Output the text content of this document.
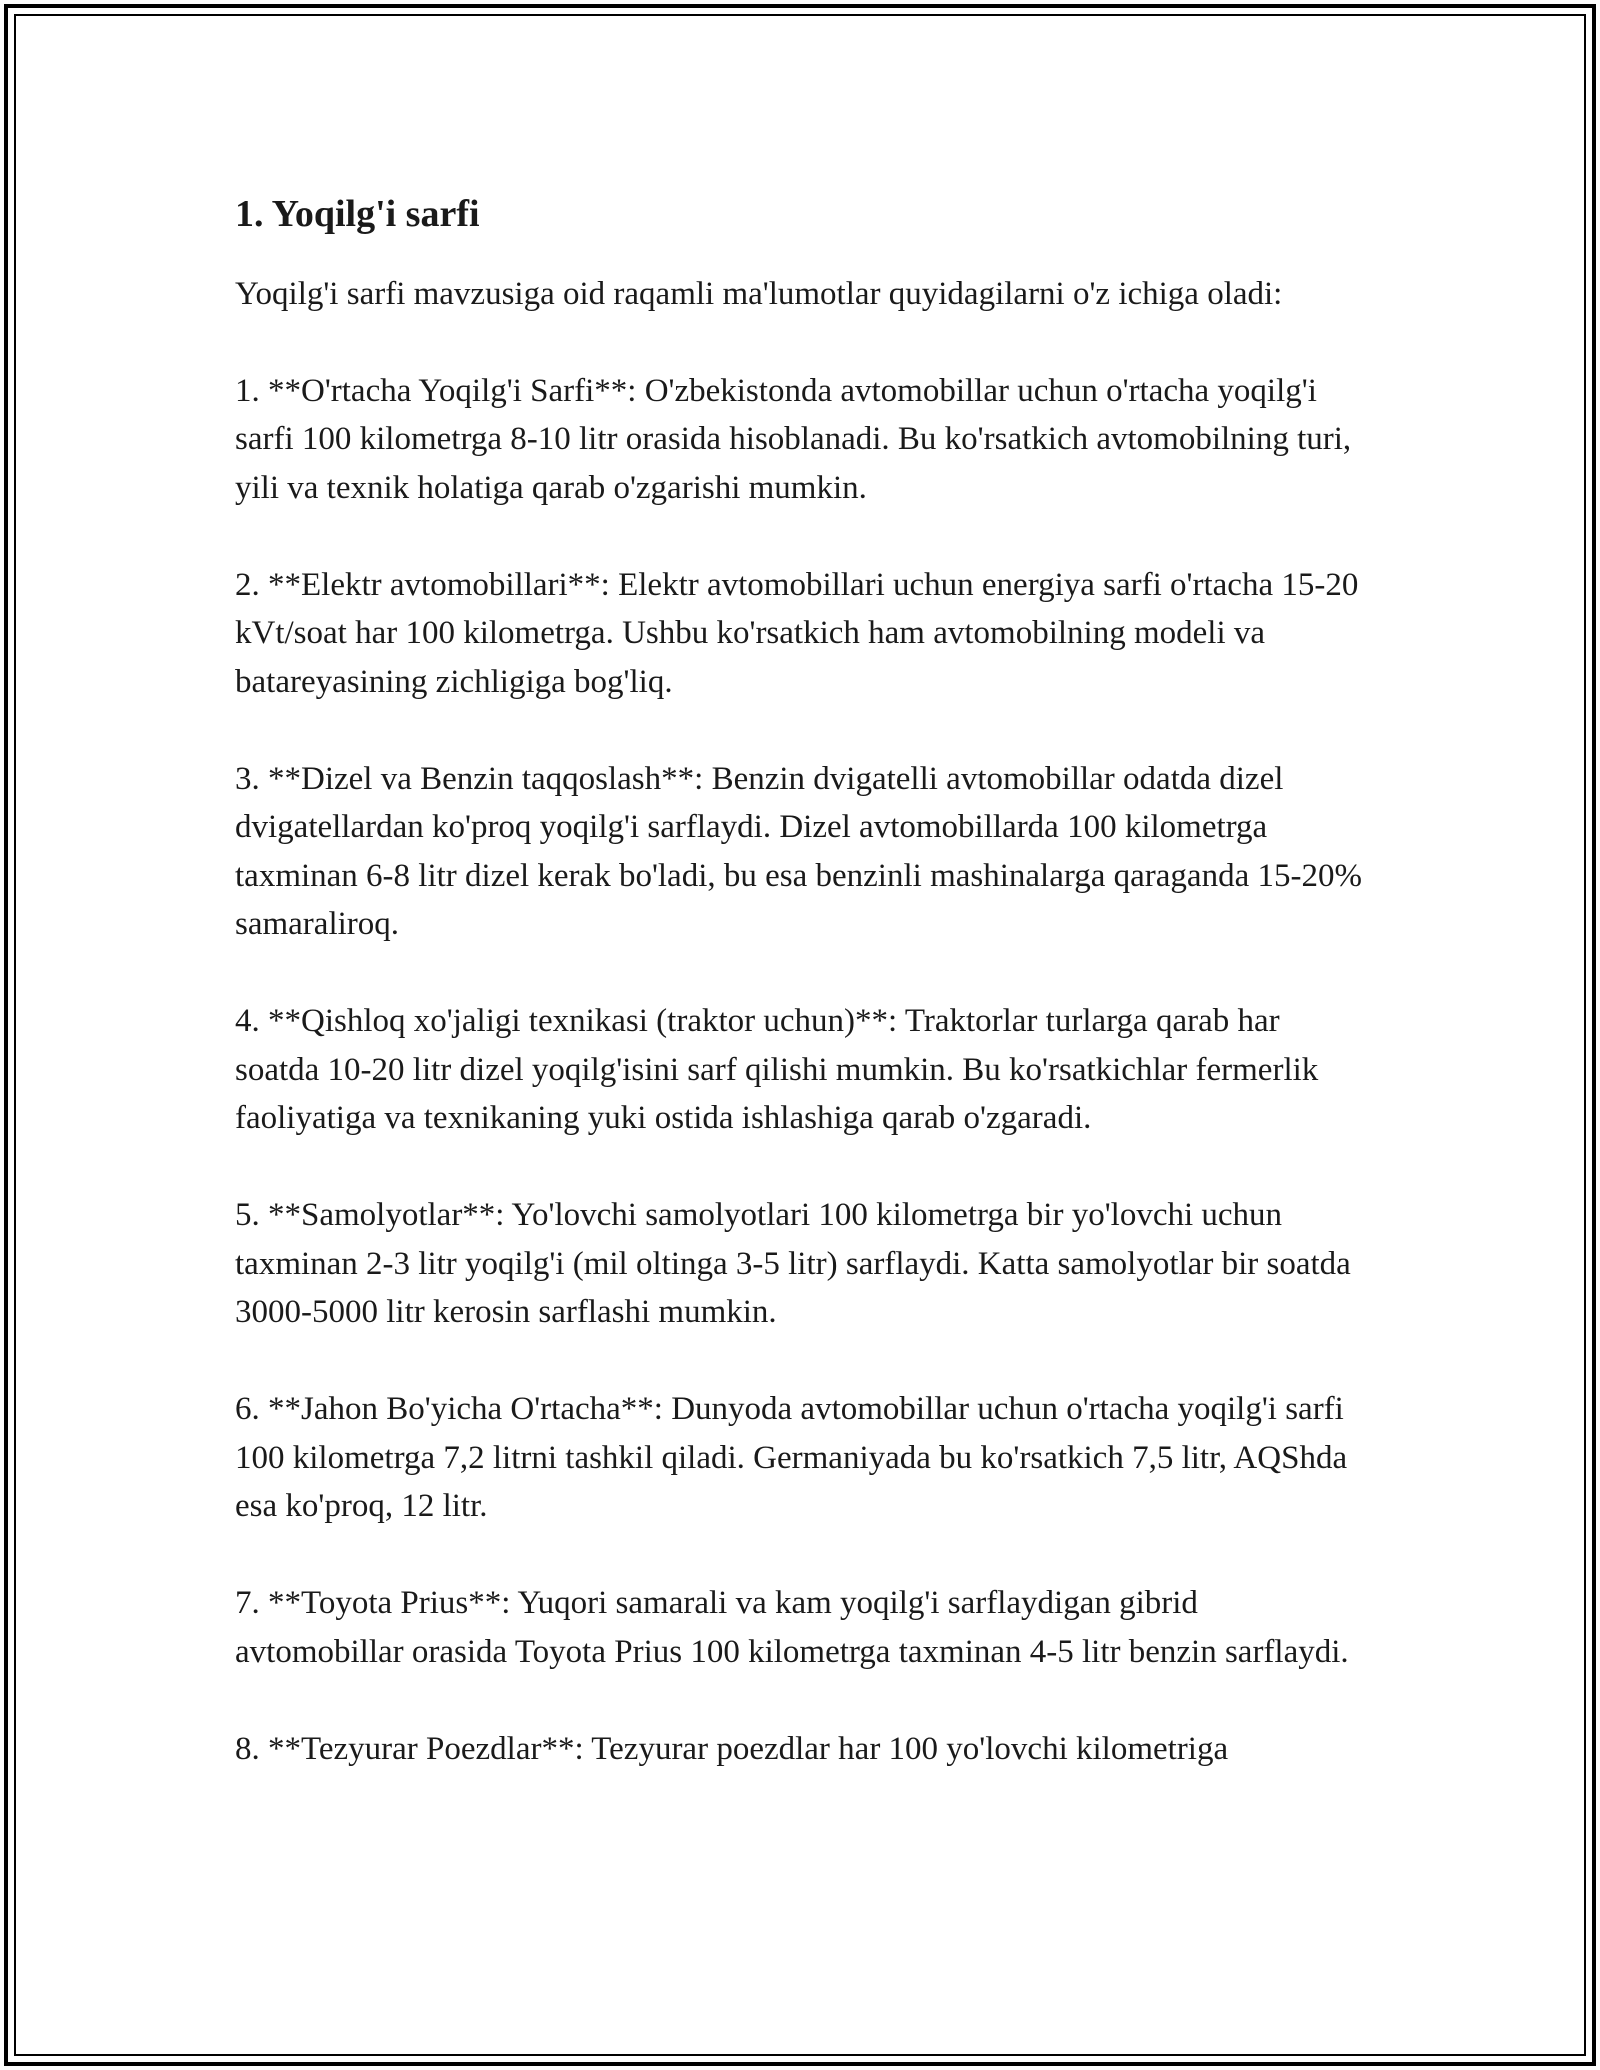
1. Yoqilg'i sarfi

Yoqilg'i sarfi mavzusiga oid raqamli ma'lumotlar quyidagilarni o'z ichiga oladi:

1. **O'rtacha Yoqilg'i Sarfi**: O'zbekistonda avtomobillar uchun o'rtacha yoqilg'i sarfi 100 kilometrga 8-10 litr orasida hisoblanadi. Bu ko'rsatkich avtomobilning turi, yili va texnik holatiga qarab o'zgarishi mumkin.

2. **Elektr avtomobillari**: Elektr avtomobillari uchun energiya sarfi o'rtacha 15-20 kVt/soat har 100 kilometrga. Ushbu ko'rsatkich ham avtomobilning modeli va batareyasining zichligiga bog'liq.

3. **Dizel va Benzin taqqoslash**: Benzin dvigatelli avtomobillar odatda dizel dvigatellardan ko'proq yoqilg'i sarflaydi. Dizel avtomobillarda 100 kilometrga taxminan 6-8 litr dizel kerak bo'ladi, bu esa benzinli mashinalarga qaraganda 15-20% samaraliroq.

4. **Qishloq xo'jaligi texnikasi (traktor uchun)**: Traktorlar turlarga qarab har soatda 10-20 litr dizel yoqilg'isini sarf qilishi mumkin. Bu ko'rsatkichlar fermerlik faoliyatiga va texnikaning yuki ostida ishlashiga qarab o'zgaradi.

5. **Samolyotlar**: Yo'lovchi samolyotlari 100 kilometrga bir yo'lovchi uchun taxminan 2-3 litr yoqilg'i (mil oltinga 3-5 litr) sarflaydi. Katta samolyotlar bir soatda 3000-5000 litr kerosin sarflashi mumkin.

6. **Jahon Bo'yicha O'rtacha**: Dunyoda avtomobillar uchun o'rtacha yoqilg'i sarfi 100 kilometrga 7,2 litrni tashkil qiladi. Germaniyada bu ko'rsatkich 7,5 litr, AQShda esa ko'proq, 12 litr.

7. **Toyota Prius**: Yuqori samarali va kam yoqilg'i sarflaydigan gibrid avtomobillar orasida Toyota Prius 100 kilometrga taxminan 4-5 litr benzin sarflaydi.

8. **Tezyurar Poezdlar**: Tezyurar poezdlar har 100 yo'lovchi kilometriga
